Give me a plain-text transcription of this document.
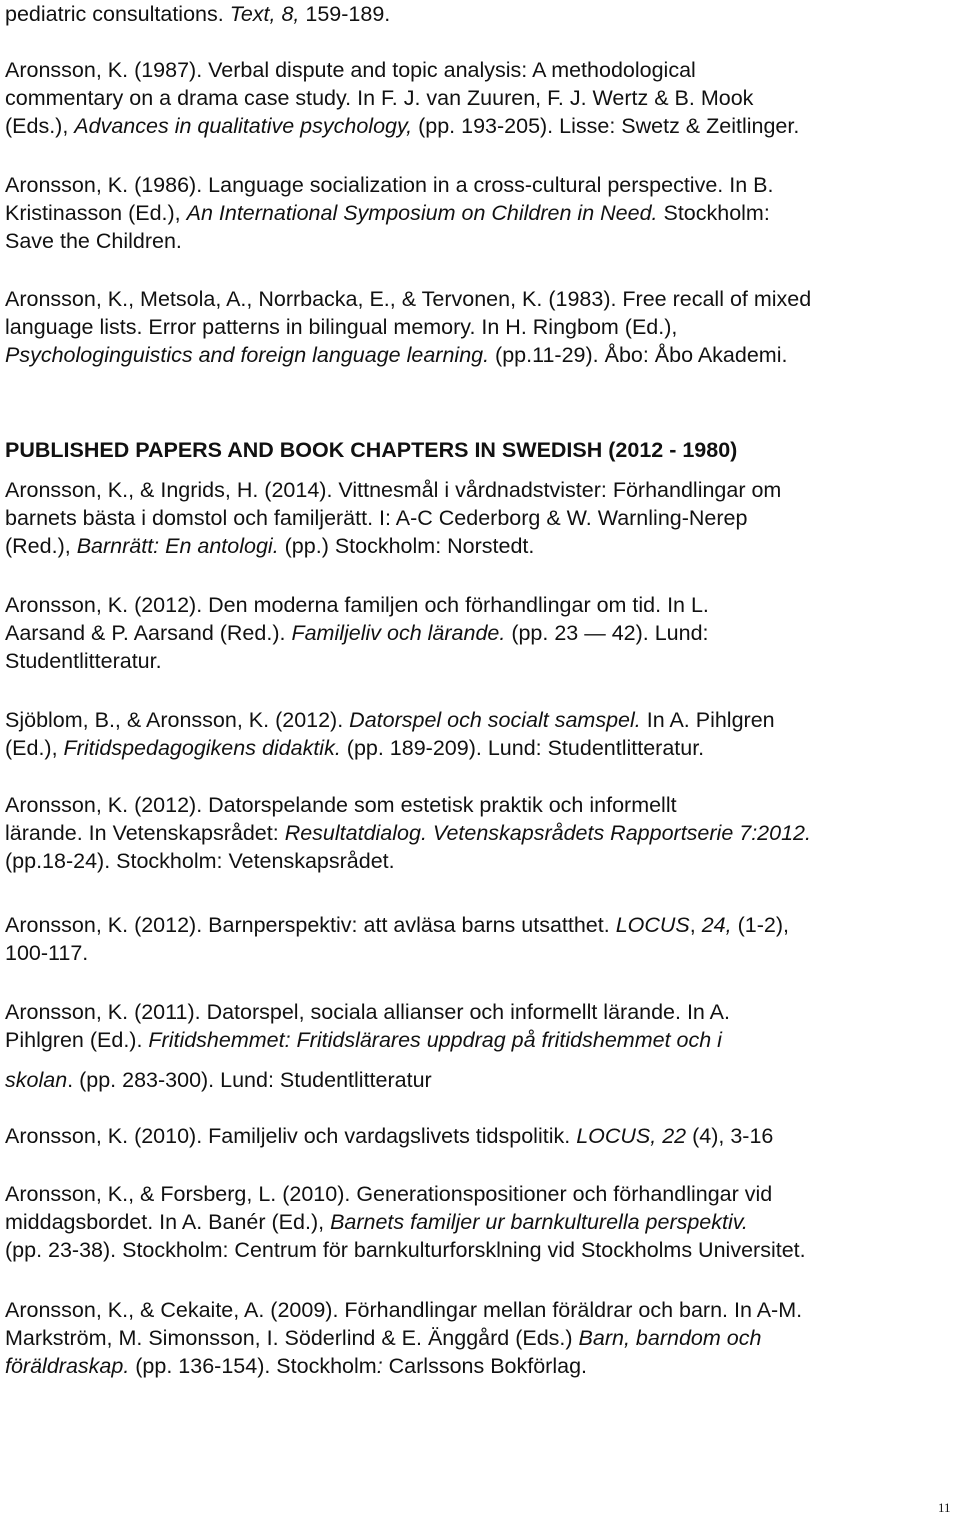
PUBLISHED PAPERS AND BOOK CHAPTERS IN SWEDISH (2012 - 1980)
pediatric consultations. Text, 8, 159-189.
Aronsson, K. (1987). Verbal dispute and topic analysis: A methodological
commentary on a drama case study. In F. J. van Zuuren, F. J. Wertz & B. Mook
(Eds.), Advances in qualitative psychology, (pp. 193-205). Lisse: Swetz & Zeitlinger.
Aronsson, K. (1986). Language socialization in a cross-cultural perspective. In B.
Kristinasson (Ed.), An International Symposium on Children in Need. Stockholm:
Save the Children.
Aronsson, K., Metsola, A., Norrbacka, E., & Tervonen, K. (1983). Free recall of mixed
language lists. Error patterns in bilingual memory. In H. Ringbom (Ed.),
Psychologinguistics and foreign language learning. (pp.11-29). Åbo: Åbo Akademi.
Aronsson, K., & Ingrids, H. (2014). Vittnesmål i vårdnadstvister: Förhandlingar om
barnets bästa i domstol och familjerätt. I: A-C Cederborg & W. Warnling-Nerep
(Red.), Barnrätt: En antologi. (pp.) Stockholm: Norstedt.
Aronsson, K. (2012). Den moderna familjen och förhandlingar om tid. In L.
Aarsand & P. Aarsand (Red.). Familjeliv och lärande. (pp. 23 — 42). Lund:
Studentlitteratur.
Sjöblom, B., & Aronsson, K. (2012). Datorspel och socialt samspel. In A. Pihlgren
(Ed.), Fritidspedagogikens didaktik. (pp. 189-209). Lund: Studentlitteratur.
Aronsson, K. (2012). Datorspelande som estetisk praktik och informellt
lärande. In Vetenskapsrådet: Resultatdialog. Vetenskapsrådets Rapportserie 7:2012.
(pp.18-24). Stockholm: Vetenskapsrådet.
Aronsson, K. (2012). Barnperspektiv: att avläsa barns utsatthet. LOCUS, 24, (1-2),
100-117.
Aronsson, K. (2011). Datorspel, sociala allianser och informellt lärande. In A.
Pihlgren (Ed.). Fritidshemmet: Fritidslärares uppdrag på fritidshemmet och i
skolan. (pp. 283-300). Lund: Studentlitteratur
Aronsson, K. (2010). Familjeliv och vardagslivets tidspolitik. LOCUS, 22 (4), 3-16
Aronsson, K., & Forsberg, L. (2010). Generationspositioner och förhandlingar vid
middagsbordet. In A. Banér (Ed.), Barnets familjer ur barnkulturella perspektiv.
(pp. 23-38). Stockholm: Centrum för barnkulturforsklning vid Stockholms Universitet.
Aronsson, K., & Cekaite, A. (2009). Förhandlingar mellan föräldrar och barn. In A-M.
Markström, M. Simonsson, I. Söderlind & E. Änggård (Eds.) Barn, barndom och
föräldraskap. (pp. 136-154). Stockholm: Carlssons Bokförlag.
11
